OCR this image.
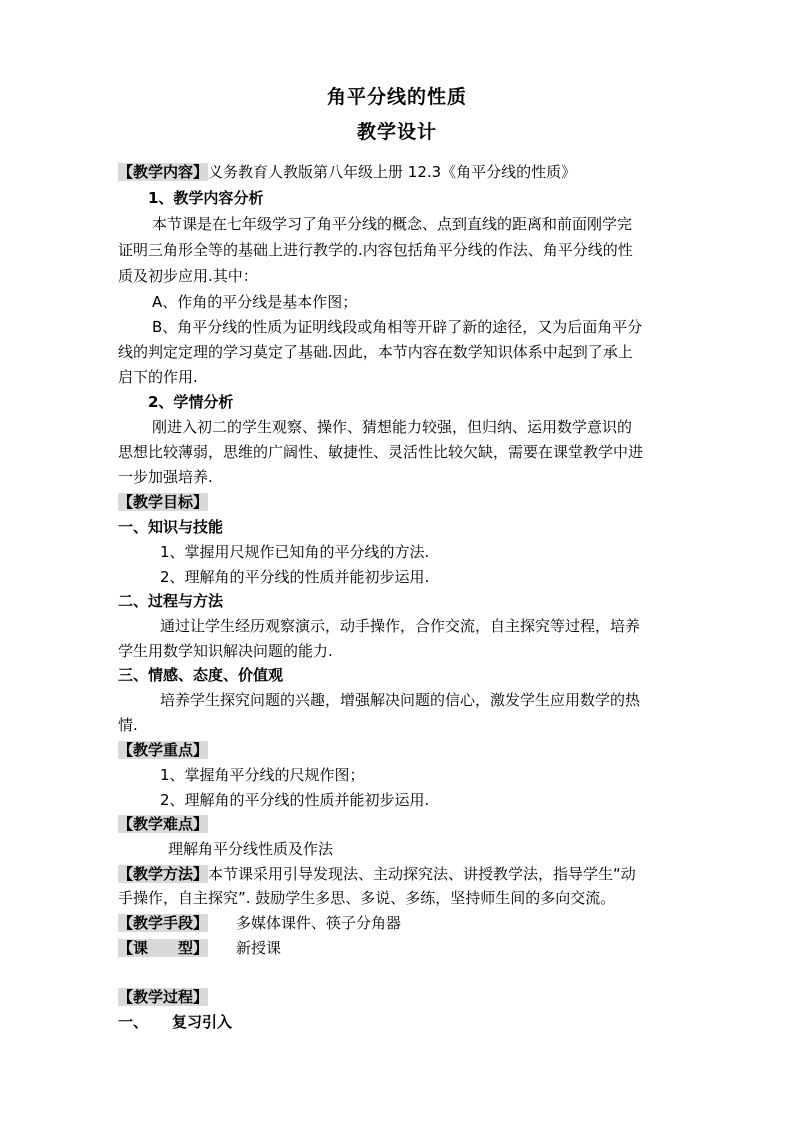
角平分线的性质
教学设计
【教学内容】义务教育人教版第八年级上册 12.3《角平分线的性质》
1、教学内容分析
本节课是在七年级学习了角平分线的概念、点到直线的距离和前面刚学完
证明三角形全等的基础上进行教学的.内容包括角平分线的作法、角平分线的性
质及初步应用.其中：
A、作角的平分线是基本作图；
B、角平分线的性质为证明线段或角相等开辟了新的途径，又为后面角平分
线的判定定理的学习莫定了基础.因此，本节内容在数学知识体系中起到了承上
启下的作用.
2、学情分析
刚进入初二的学生观察、操作、猜想能力较强，但归纳、运用数学意识的
思想比较薄弱，思维的广阔性、敏捷性、灵活性比较欠缺，需要在课堂教学中进
一步加强培养.
【教学目标】
一、知识与技能
1、掌握用尺规作已知角的平分线的方法.
2、理解角的平分线的性质并能初步运用.
二、过程与方法
通过让学生经历观察演示，动手操作，合作交流，自主探究等过程，培养
学生用数学知识解决问题的能力.
三、情感、态度、价值观
培养学生探究问题的兴趣，增强解决问题的信心，激发学生应用数学的热
情.
【教学重点】
1、掌握角平分线的尺规作图；
2、理解角的平分线的性质并能初步运用.
【教学难点】
理解角平分线性质及作法
【教学方法】本节课采用引导发现法、主动探究法、讲授教学法，指导学生“动
手操作，自主探究”. 鼓励学生多思、多说、多练，坚持师生间的多向交流。
【教学手段】 多媒体课件、筷子分角器
【课　　型】 新授课
【教学过程】
一、 复习引入
